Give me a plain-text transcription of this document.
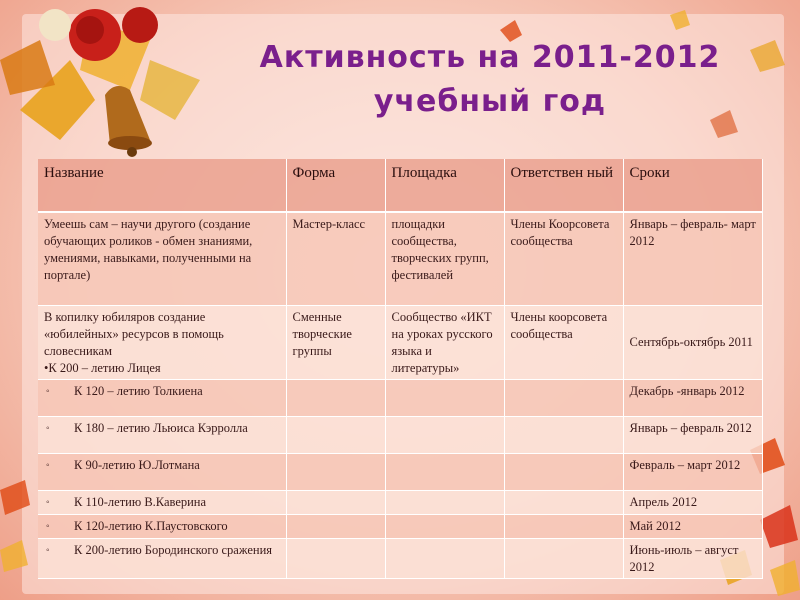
Активность на 2011-2012
учебный год
Название	Форма	Площадка	Ответствен ный	Сроки
Умеешь сам – научи другого (создание обучающих роликов - обмен знаниями, умениями, навыками, полученными на портале)	Мастер-класс	площадки сообщества, творческих групп, фестивалей	Члены Коорсовета сообщества	Январь – февраль- март 2012
В копилку юбиляров создание «юбилейных» ресурсов в помощь словесникам
•К 200 – летию Лицея	Сменные творческие группы	Сообщество «ИКТ на уроках русского языка и литературы»	Члены коорсовета сообщества	Сентябрь-октябрь 2011

◦ К 120 – летию Толкиена				Декабрь -январь 2012

◦ К 180 – летию Льюиса Кэрролла				Январь – февраль 2012

◦ К 90-летию Ю.Лотмана				Февраль – март 2012

◦ К 110-летию В.Каверина				Апрель 2012

◦ К 120-летию К.Паустовского				Май 2012

◦ К 200-летию Бородинского сражения				Июнь-июль – август 2012
